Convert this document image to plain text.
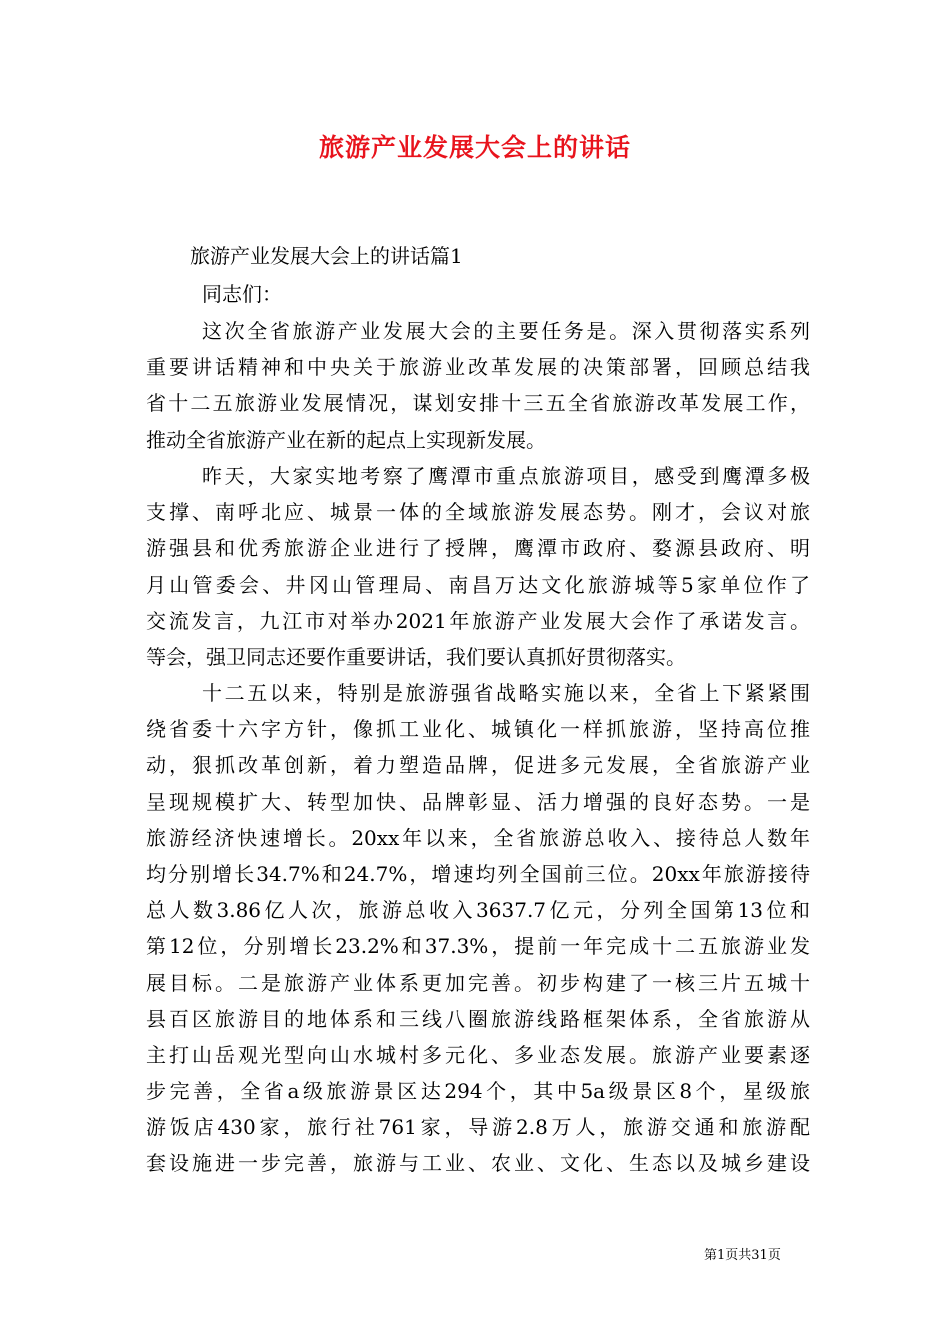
旅游产业发展大会上的讲话
旅游产业发展大会上的讲话篇1
同志们：
这次全省旅游产业发展大会的主要任务是。深入贯彻落实系列
重要讲话精神和中央关于旅游业改革发展的决策部署，回顾总结我
省十二五旅游业发展情况，谋划安排十三五全省旅游改革发展工作，
推动全省旅游产业在新的起点上实现新发展。
昨天，大家实地考察了鹰潭市重点旅游项目，感受到鹰潭多极
支撑、南呼北应、城景一体的全域旅游发展态势。刚才，会议对旅
游强县和优秀旅游企业进行了授牌，鹰潭市政府、婺源县政府、明
月山管委会、井冈山管理局、南昌万达文化旅游城等5家单位作了
交流发言，九江市对举办2021年旅游产业发展大会作了承诺发言。
等会，强卫同志还要作重要讲话，我们要认真抓好贯彻落实。
十二五以来，特别是旅游强省战略实施以来，全省上下紧紧围
绕省委十六字方针，像抓工业化、城镇化一样抓旅游，坚持高位推
动，狠抓改革创新，着力塑造品牌，促进多元发展，全省旅游产业
呈现规模扩大、转型加快、品牌彰显、活力增强的良好态势。一是
旅游经济快速增长。20xx年以来，全省旅游总收入、接待总人数年
均分别增长34.7%和24.7%，增速均列全国前三位。20xx年旅游接待
总人数3.86亿人次，旅游总收入3637.7亿元，分列全国第13位和
第12位，分别增长23.2%和37.3%，提前一年完成十二五旅游业发
展目标。二是旅游产业体系更加完善。初步构建了一核三片五城十
县百区旅游目的地体系和三线八圈旅游线路框架体系，全省旅游从
主打山岳观光型向山水城村多元化、多业态发展。旅游产业要素逐
步完善，全省a级旅游景区达294个，其中5a级景区8个，星级旅
游饭店430家，旅行社761家，导游2.8万人，旅游交通和旅游配
套设施进一步完善，旅游与工业、农业、文化、生态以及城乡建设
第1页共31页
